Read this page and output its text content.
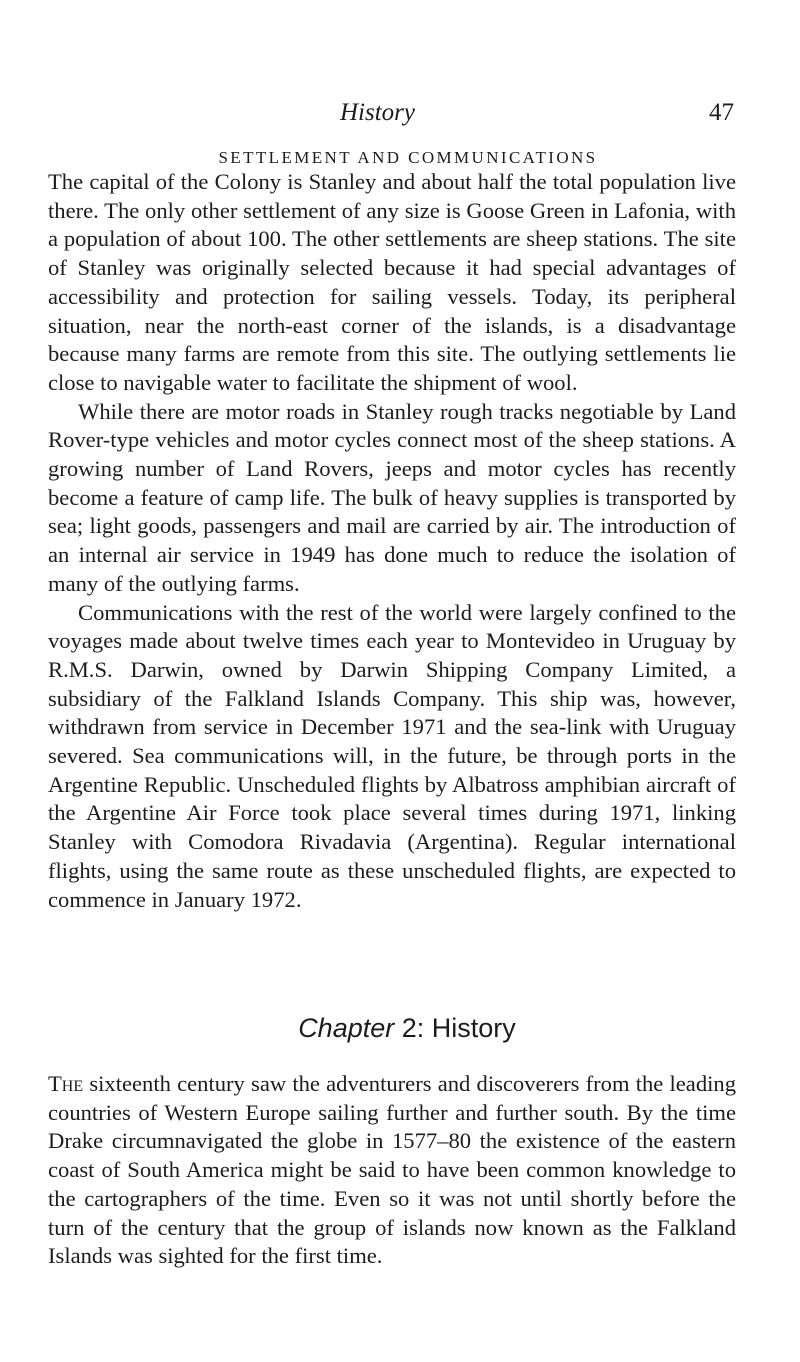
History	47
SETTLEMENT AND COMMUNICATIONS

The capital of the Colony is Stanley and about half the total population live there. The only other settlement of any size is Goose Green in Lafonia, with a population of about 100. The other settlements are sheep stations. The site of Stanley was originally selected because it had special advantages of accessibility and protection for sailing vessels. Today, its peripheral situation, near the north-east corner of the islands, is a disadvantage because many farms are remote from this site. The outlying settlements lie close to navigable water to facilitate the shipment of wool.

While there are motor roads in Stanley rough tracks negotiable by Land Rover-type vehicles and motor cycles connect most of the sheep stations. A growing number of Land Rovers, jeeps and motor cycles has recently become a feature of camp life. The bulk of heavy supplies is transported by sea; light goods, passengers and mail are carried by air. The introduction of an internal air service in 1949 has done much to reduce the isolation of many of the outlying farms.

Communications with the rest of the world were largely confined to the voyages made about twelve times each year to Montevideo in Uruguay by R.M.S. Darwin, owned by Darwin Shipping Company Limited, a subsidiary of the Falkland Islands Company. This ship was, however, withdrawn from service in December 1971 and the sea-link with Uruguay severed. Sea communications will, in the future, be through ports in the Argentine Republic. Unscheduled flights by Albatross amphibian aircraft of the Argentine Air Force took place several times during 1971, linking Stanley with Comodora Rivadavia (Argentina). Regular international flights, using the same route as these unscheduled flights, are expected to commence in January 1972.

Chapter 2: History

The sixteenth century saw the adventurers and discoverers from the leading countries of Western Europe sailing further and further south. By the time Drake circumnavigated the globe in 1577–80 the existence of the eastern coast of South America might be said to have been common knowledge to the cartographers of the time. Even so it was not until shortly before the turn of the century that the group of islands now known as the Falkland Islands was sighted for the first time.
